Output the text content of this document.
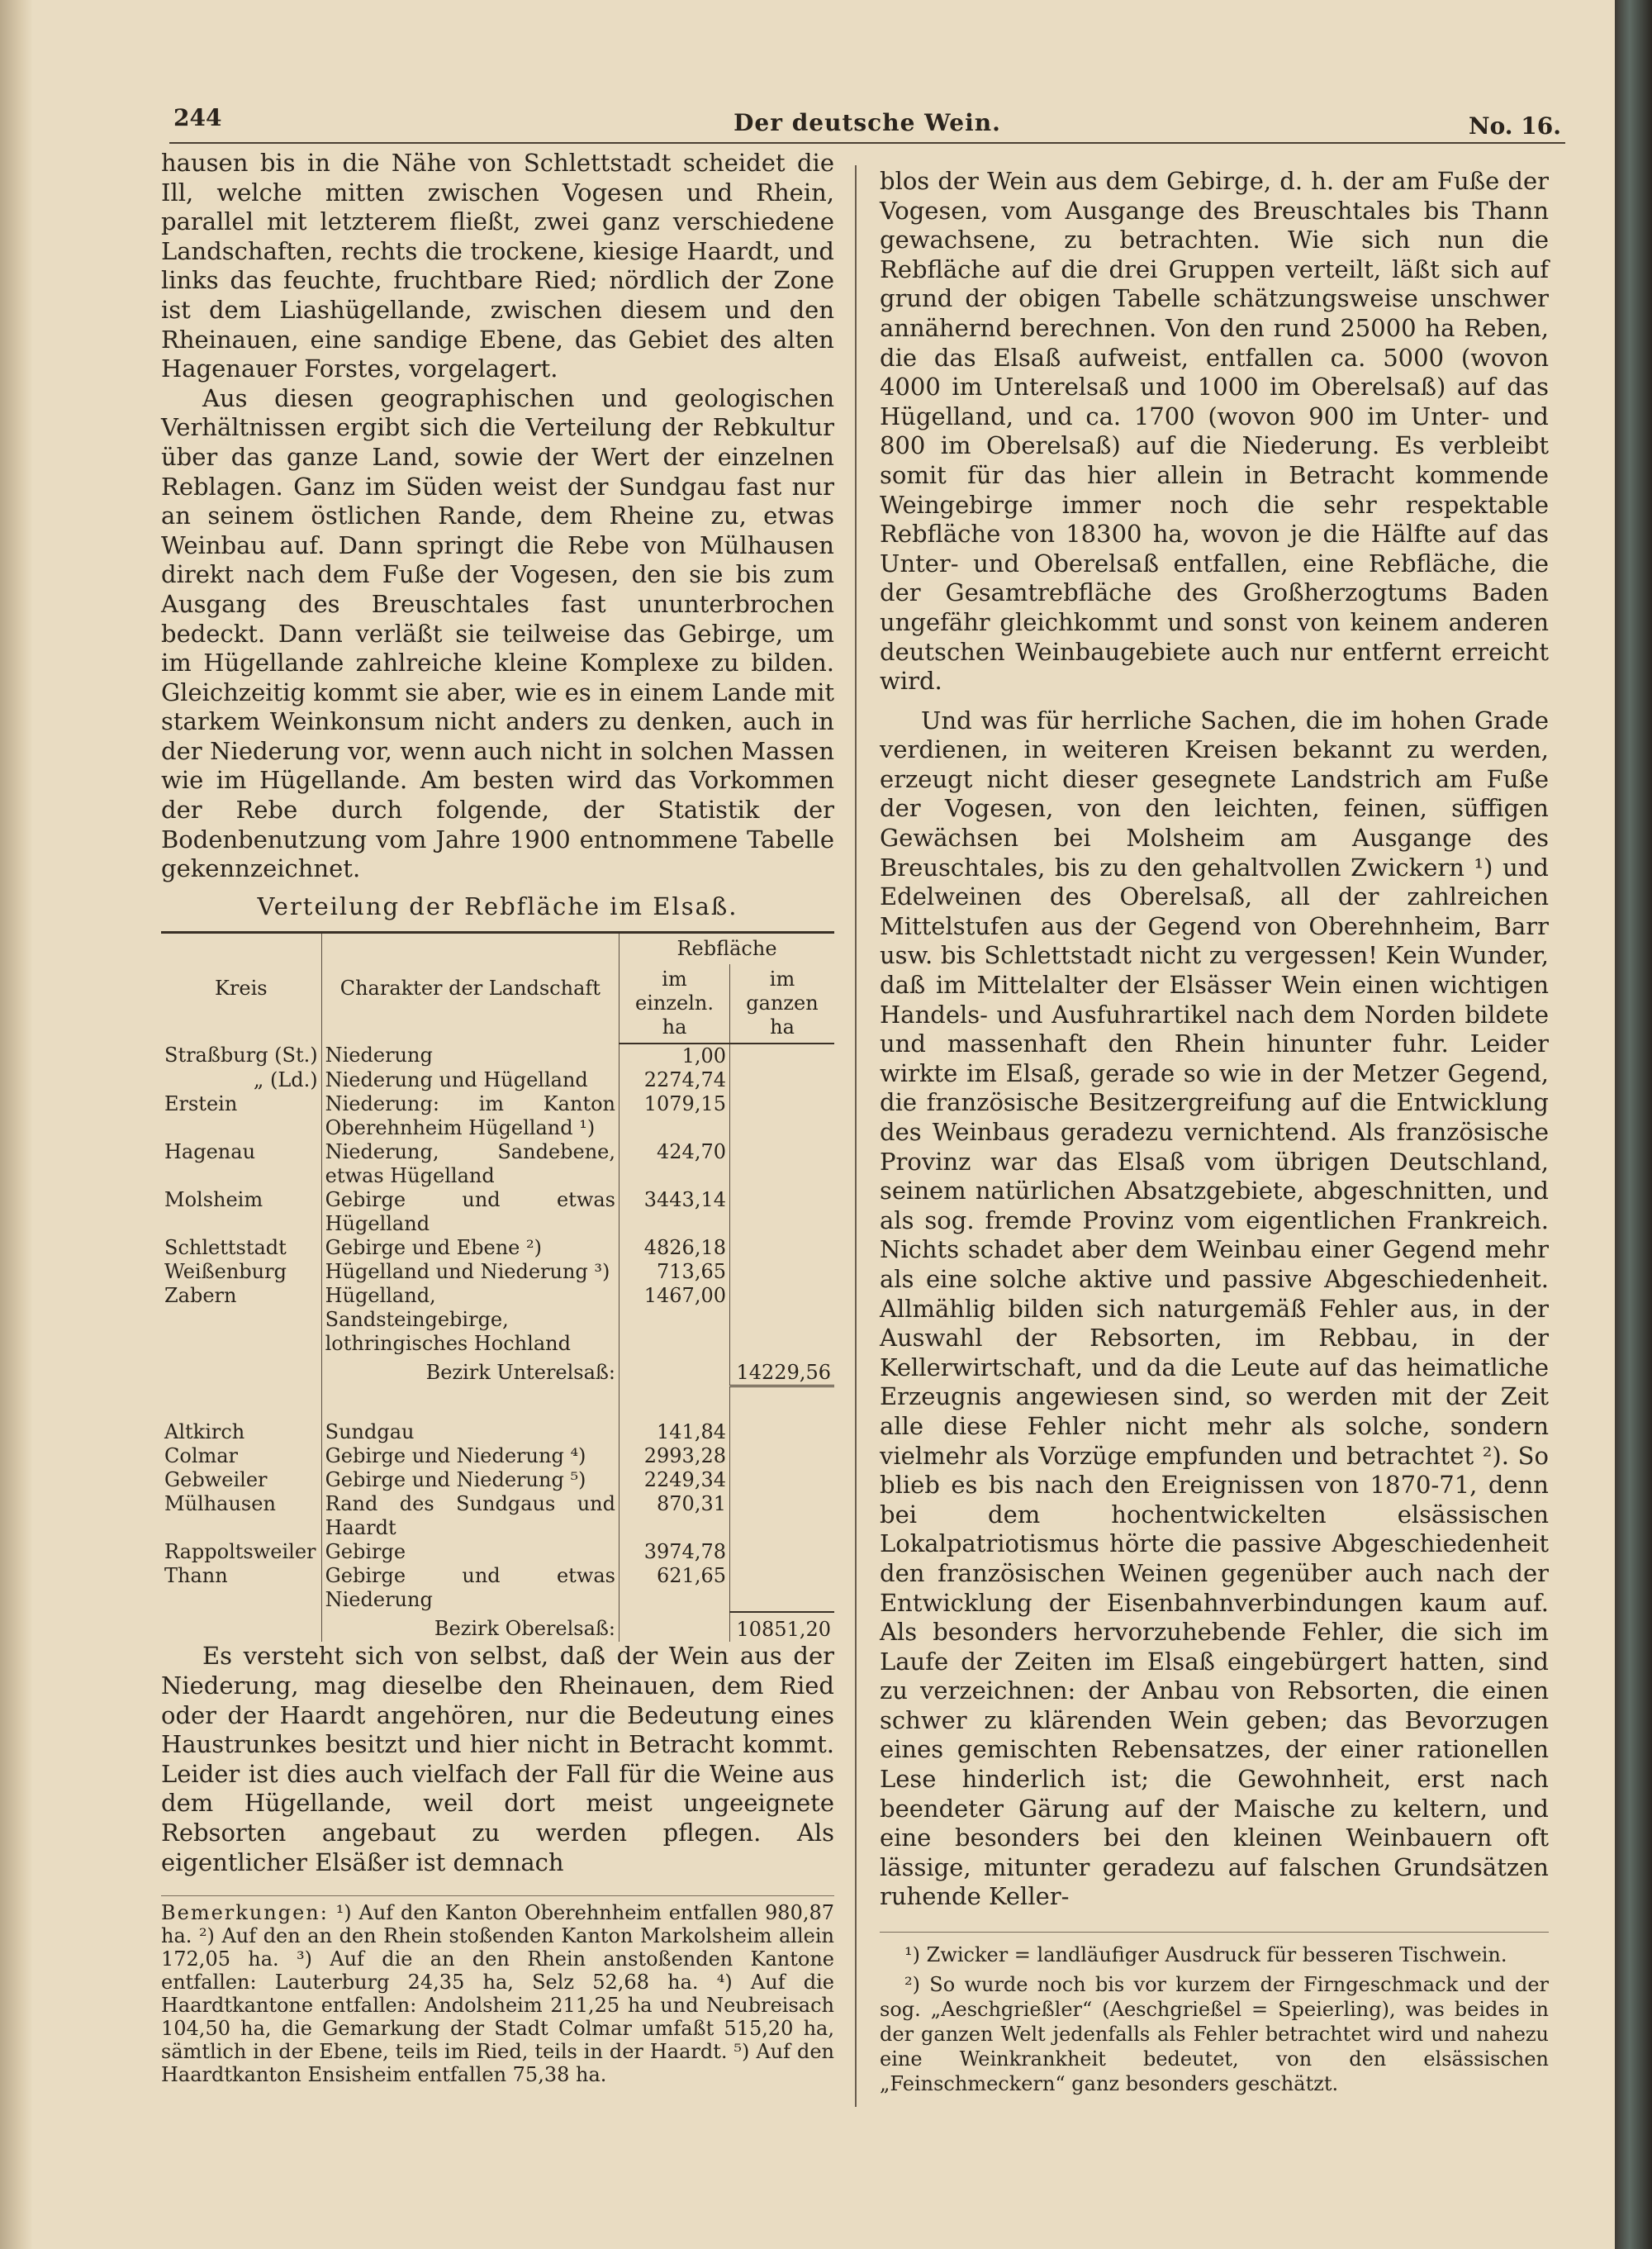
244	Der deutsche Wein.	No. 16.

hausen bis in die Nähe von Schlettstadt scheidet die Ill, welche mitten zwischen Vogesen und Rhein, parallel mit letzterem fließt, zwei ganz verschiedene Landschaften, rechts die trockene, kiesige Haardt, und links das feuchte, fruchtbare Ried; nördlich der Zone ist dem Liashügellande, zwischen diesem und den Rheinauen, eine sandige Ebene, das Gebiet des alten Hagenauer Forstes, vorgelagert.

Aus diesen geographischen und geologischen Verhältnissen ergibt sich die Verteilung der Rebkultur über das ganze Land, sowie der Wert der einzelnen Reblagen. Ganz im Süden weist der Sundgau fast nur an seinem östlichen Rande, dem Rheine zu, etwas Weinbau auf. Dann springt die Rebe von Mülhausen direkt nach dem Fuße der Vogesen, den sie bis zum Ausgang des Breuschtales fast ununterbrochen bedeckt. Dann verläßt sie teilweise das Gebirge, um im Hügellande zahlreiche kleine Komplexe zu bilden. Gleichzeitig kommt sie aber, wie es in einem Lande mit starkem Weinkonsum nicht anders zu denken, auch in der Niederung vor, wenn auch nicht in solchen Massen wie im Hügellande. Am besten wird das Vorkommen der Rebe durch folgende, der Statistik der Bodenbenutzung vom Jahre 1900 entnommene Tabelle gekennzeichnet.

Verteilung der Rebfläche im Elsaß.
Kreis	Charakter der Landschaft	Rebfläche	
		im einzeln. ha	im ganzen ha
Straßburg (St.)	Niederung	1,00	
„ (Ld.)	Niederung und Hügelland	2274,74	
Erstein	Niederung: im Kanton Oberehnheim Hügelland ¹)	1079,15	
Hagenau	Niederung, Sandebene, etwas Hügelland	424,70	
Molsheim	Gebirge und etwas Hügelland	3443,14	
Schlettstadt	Gebirge und Ebene ²)	4826,18	
Weißenburg	Hügelland und Niederung ³)	713,65	
Zabern	Hügelland, Sandsteingebirge, lothringisches Hochland	1467,00	
	Bezirk Unterelsaß:		14229,56

Altkirch	Sundgau	141,84	
Colmar	Gebirge und Niederung ⁴)	2993,28	
Gebweiler	Gebirge und Niederung ⁵)	2249,34	
Mülhausen	Rand des Sundgaus und Haardt	870,31	
Rappoltsweiler	Gebirge	3974,78	
Thann	Gebirge und etwas Niederung	621,65	
	Bezirk Oberelsaß:		10851,20

Es versteht sich von selbst, daß der Wein aus der Niederung, mag dieselbe den Rheinauen, dem Ried oder der Haardt angehören, nur die Bedeutung eines Haustrunkes besitzt und hier nicht in Betracht kommt. Leider ist dies auch vielfach der Fall für die Weine aus dem Hügellande, weil dort meist ungeeignete Rebsorten angebaut zu werden pflegen. Als eigentlicher Elsäßer ist demnach

Bemerkungen: ¹) Auf den Kanton Oberehnheim entfallen 980,87 ha. ²) Auf den an den Rhein stoßenden Kanton Markolsheim allein 172,05 ha. ³) Auf die an den Rhein anstoßenden Kantone entfallen: Lauterburg 24,35 ha, Selz 52,68 ha. ⁴) Auf die Haardtkantone entfallen: Andolsheim 211,25 ha und Neubreisach 104,50 ha, die Gemarkung der Stadt Colmar umfaßt 515,20 ha, sämtlich in der Ebene, teils im Ried, teils in der Haardt. ⁵) Auf den Haardtkanton Ensisheim entfallen 75,38 ha.

blos der Wein aus dem Gebirge, d. h. der am Fuße der Vogesen, vom Ausgange des Breuschtales bis Thann gewachsene, zu betrachten. Wie sich nun die Rebfläche auf die drei Gruppen verteilt, läßt sich auf grund der obigen Tabelle schätzungsweise unschwer annähernd berechnen. Von den rund 25000 ha Reben, die das Elsaß aufweist, entfallen ca. 5000 (wovon 4000 im Unterelsaß und 1000 im Oberelsaß) auf das Hügelland, und ca. 1700 (wovon 900 im Unter- und 800 im Oberelsaß) auf die Niederung. Es verbleibt somit für das hier allein in Betracht kommende Weingebirge immer noch die sehr respektable Rebfläche von 18300 ha, wovon je die Hälfte auf das Unter- und Oberelsaß entfallen, eine Rebfläche, die der Gesamtrebfläche des Großherzogtums Baden ungefähr gleichkommt und sonst von keinem anderen deutschen Weinbaugebiete auch nur entfernt erreicht wird.

Und was für herrliche Sachen, die im hohen Grade verdienen, in weiteren Kreisen bekannt zu werden, erzeugt nicht dieser gesegnete Landstrich am Fuße der Vogesen, von den leichten, feinen, süffigen Gewächsen bei Molsheim am Ausgange des Breuschtales, bis zu den gehaltvollen Zwickern ¹) und Edelweinen des Oberelsaß, all der zahlreichen Mittelstufen aus der Gegend von Oberehnheim, Barr usw. bis Schlettstadt nicht zu vergessen! Kein Wunder, daß im Mittelalter der Elsässer Wein einen wichtigen Handels- und Ausfuhrartikel nach dem Norden bildete und massenhaft den Rhein hinunter fuhr. Leider wirkte im Elsaß, gerade so wie in der Metzer Gegend, die französische Besitzergreifung auf die Entwicklung des Weinbaus geradezu vernichtend. Als französische Provinz war das Elsaß vom übrigen Deutschland, seinem natürlichen Absatzgebiete, abgeschnitten, und als sog. fremde Provinz vom eigentlichen Frankreich. Nichts schadet aber dem Weinbau einer Gegend mehr als eine solche aktive und passive Abgeschiedenheit. Allmählig bilden sich naturgemäß Fehler aus, in der Auswahl der Rebsorten, im Rebbau, in der Kellerwirtschaft, und da die Leute auf das heimatliche Erzeugnis angewiesen sind, so werden mit der Zeit alle diese Fehler nicht mehr als solche, sondern vielmehr als Vorzüge empfunden und betrachtet ²). So blieb es bis nach den Ereignissen von 1870-71, denn bei dem hochentwickelten elsässischen Lokalpatriotismus hörte die passive Abgeschiedenheit den französischen Weinen gegenüber auch nach der Entwicklung der Eisenbahnverbindungen kaum auf. Als besonders hervorzuhebende Fehler, die sich im Laufe der Zeiten im Elsaß eingebürgert hatten, sind zu verzeichnen: der Anbau von Rebsorten, die einen schwer zu klärenden Wein geben; das Bevorzugen eines gemischten Rebensatzes, der einer rationellen Lese hinderlich ist; die Gewohnheit, erst nach beendeter Gärung auf der Maische zu keltern, und eine besonders bei den kleinen Weinbauern oft lässige, mitunter geradezu auf falschen Grundsätzen ruhende Keller-

¹) Zwicker = landläufiger Ausdruck für besseren Tischwein.

²) So wurde noch bis vor kurzem der Firngeschmack und der sog. „Aeschgrießler“ (Aeschgrießel = Speierling), was beides in der ganzen Welt jedenfalls als Fehler betrachtet wird und nahezu eine Weinkrankheit bedeutet, von den elsässischen „Feinschmeckern“ ganz besonders geschätzt.
